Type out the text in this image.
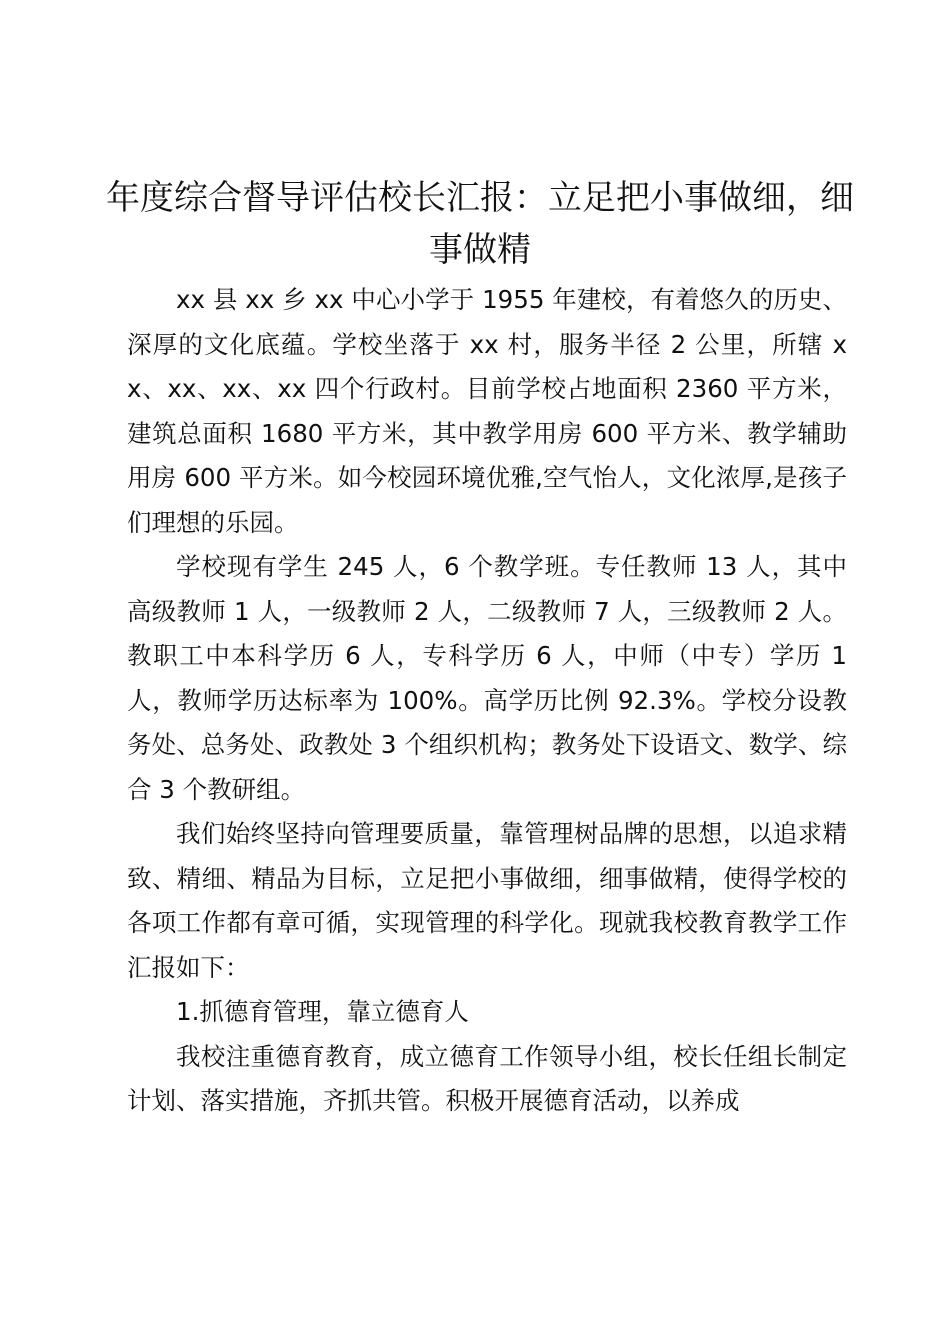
年度综合督导评估校长汇报：立足把小事做细，细事做精

xx 县 xx 乡 xx 中心小学于 1955 年建校，有着悠久的历史、深厚的文化底蕴。学校坐落于 xx 村，服务半径 2 公里，所辖 xx、xx、xx、xx 四个行政村。目前学校占地面积 2360 平方米，建筑总面积 1680 平方米，其中教学用房 600 平方米、教学辅助用房 600 平方米。如今校园环境优雅,空气怡人，文化浓厚,是孩子们理想的乐园。

学校现有学生 245 人，6 个教学班。专任教师 13 人，其中高级教师 1 人，一级教师 2 人，二级教师 7 人，三级教师 2 人。教职工中本科学历 6 人，专科学历 6 人，中师（中专）学历 1 人，教师学历达标率为 100%。高学历比例 92.3%。学校分设教务处、总务处、政教处 3 个组织机构；教务处下设语文、数学、综合 3 个教研组。

我们始终坚持向管理要质量，靠管理树品牌的思想，以追求精致、精细、精品为目标，立足把小事做细，细事做精，使得学校的各项工作都有章可循，实现管理的科学化。现就我校教育教学工作汇报如下：

1.抓德育管理，靠立德育人

我校注重德育教育，成立德育工作领导小组，校长任组长制定计划、落实措施，齐抓共管。积极开展德育活动，以养成
